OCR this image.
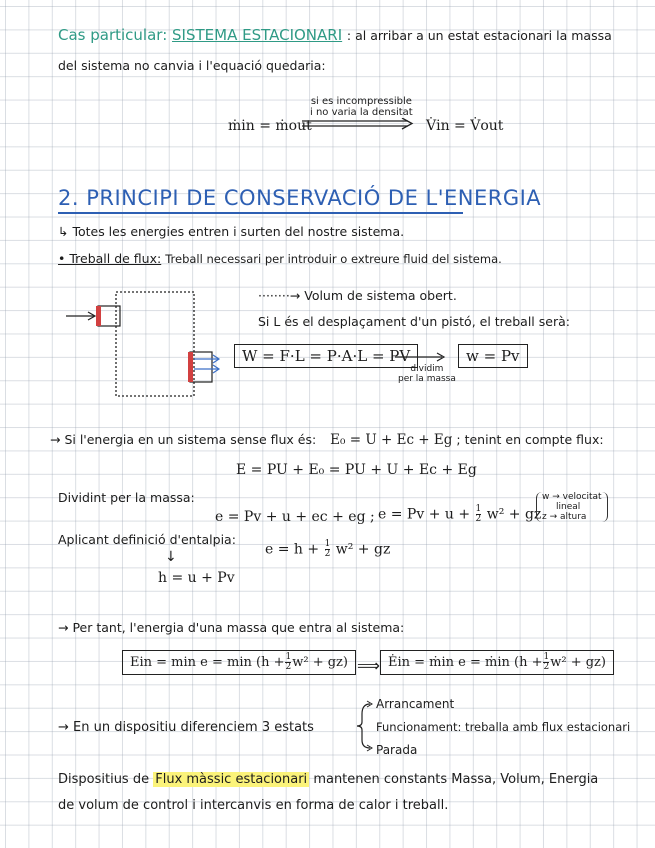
Cas particular: SISTEMA ESTACIONARI : al arribar a un estat estacionari la massa
del sistema no canvia i l'equació quedaria:
ṁin = ṁout
si es incompressible
i no varia la densitat
V̇in = V̇out
2. PRINCIPI DE CONSERVACIÓ DE L'ENERGIA
↳ Totes les energies entren i surten del nostre sistema.
• Treball de flux: Treball necessari per introduir o extreure fluid del sistema.
········→ Volum de sistema obert.
Si L és el desplaçament d'un pistó, el treball serà:
W = F·L = P·A·L = PV
dividim
per la massa
w = Pv
→ Si l'energia en un sistema sense flux és: E₀ = U + Ec + Eg ; tenint en compte flux:
E = PU + E₀ = PU + U + Ec + Eg
Dividint per la massa:
e = Pv + u + ec + eg ; $e = Pv + u + \frac{1}{2} w^2$ + gz
w → velocitat
lineal
z → altura
Aplicant definició d'entalpia:
$e = h + \frac{1}{2} w^2$ + gz
↓
h = u + Pv
→ Per tant, l'energia d'una massa que entra al sistema:
Ein = $\min e = \min (h + \frac{1}{2} w^2 + gz)$ ⟹ Ėin = ṁin e = ṁin $(h + \frac{1}{2} w^2 + gz)$
→ En un dispositiu diferenciem 3 estats
Arrancament
Funcionament: treballa amb flux estacionari
Parada
Dispositius de Flux màssic estacionari mantenen constants Massa, Volum, Energia
de volum de control i intercanvis en forma de calor i treball.
